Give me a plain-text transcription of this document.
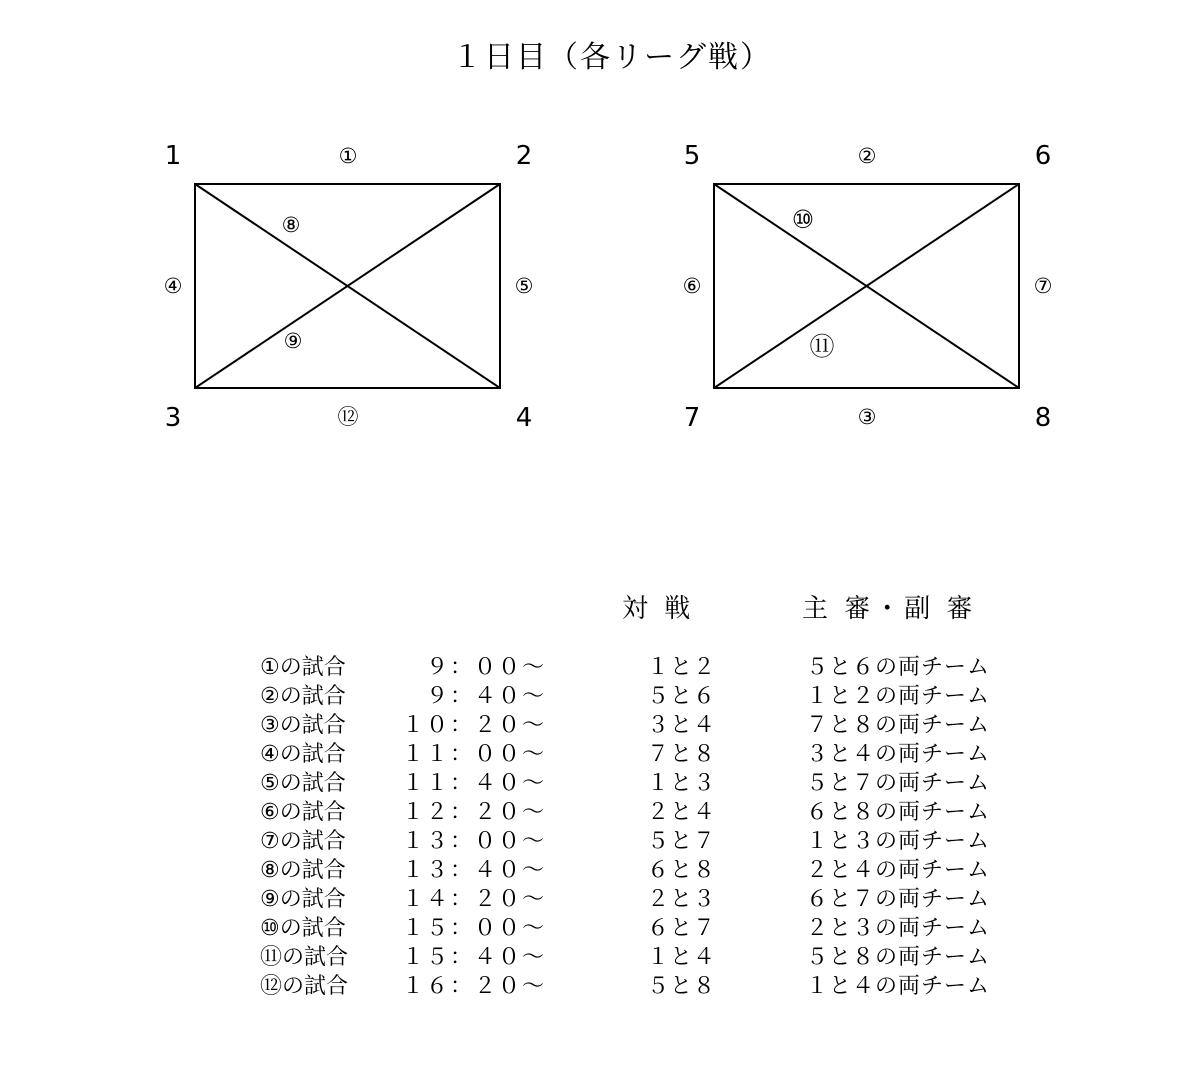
１日目（各リーグ戦）
1	2
3	4
①
④	⑤
⑫
⑧
⑨
5	6
7	8
②
⑥	⑦
③
⑩
⑪
対 戦	主 審・副 審
①の試合	９：００～	１と２	５と６の両チーム
②の試合	９：４０～	５と６	１と２の両チーム
③の試合	１０：２０～	３と４	７と８の両チーム
④の試合	１１：００～	７と８	３と４の両チーム
⑤の試合	１１：４０～	１と３	５と７の両チーム
⑥の試合	１２：２０～	２と４	６と８の両チーム
⑦の試合	１３：００～	５と７	１と３の両チーム
⑧の試合	１３：４０～	６と８	２と４の両チーム
⑨の試合	１４：２０～	２と３	６と７の両チーム
⑩の試合	１５：００～	６と７	２と３の両チーム
⑪の試合	１５：４０～	１と４	５と８の両チーム
⑫の試合	１６：２０～	５と８	１と４の両チーム
